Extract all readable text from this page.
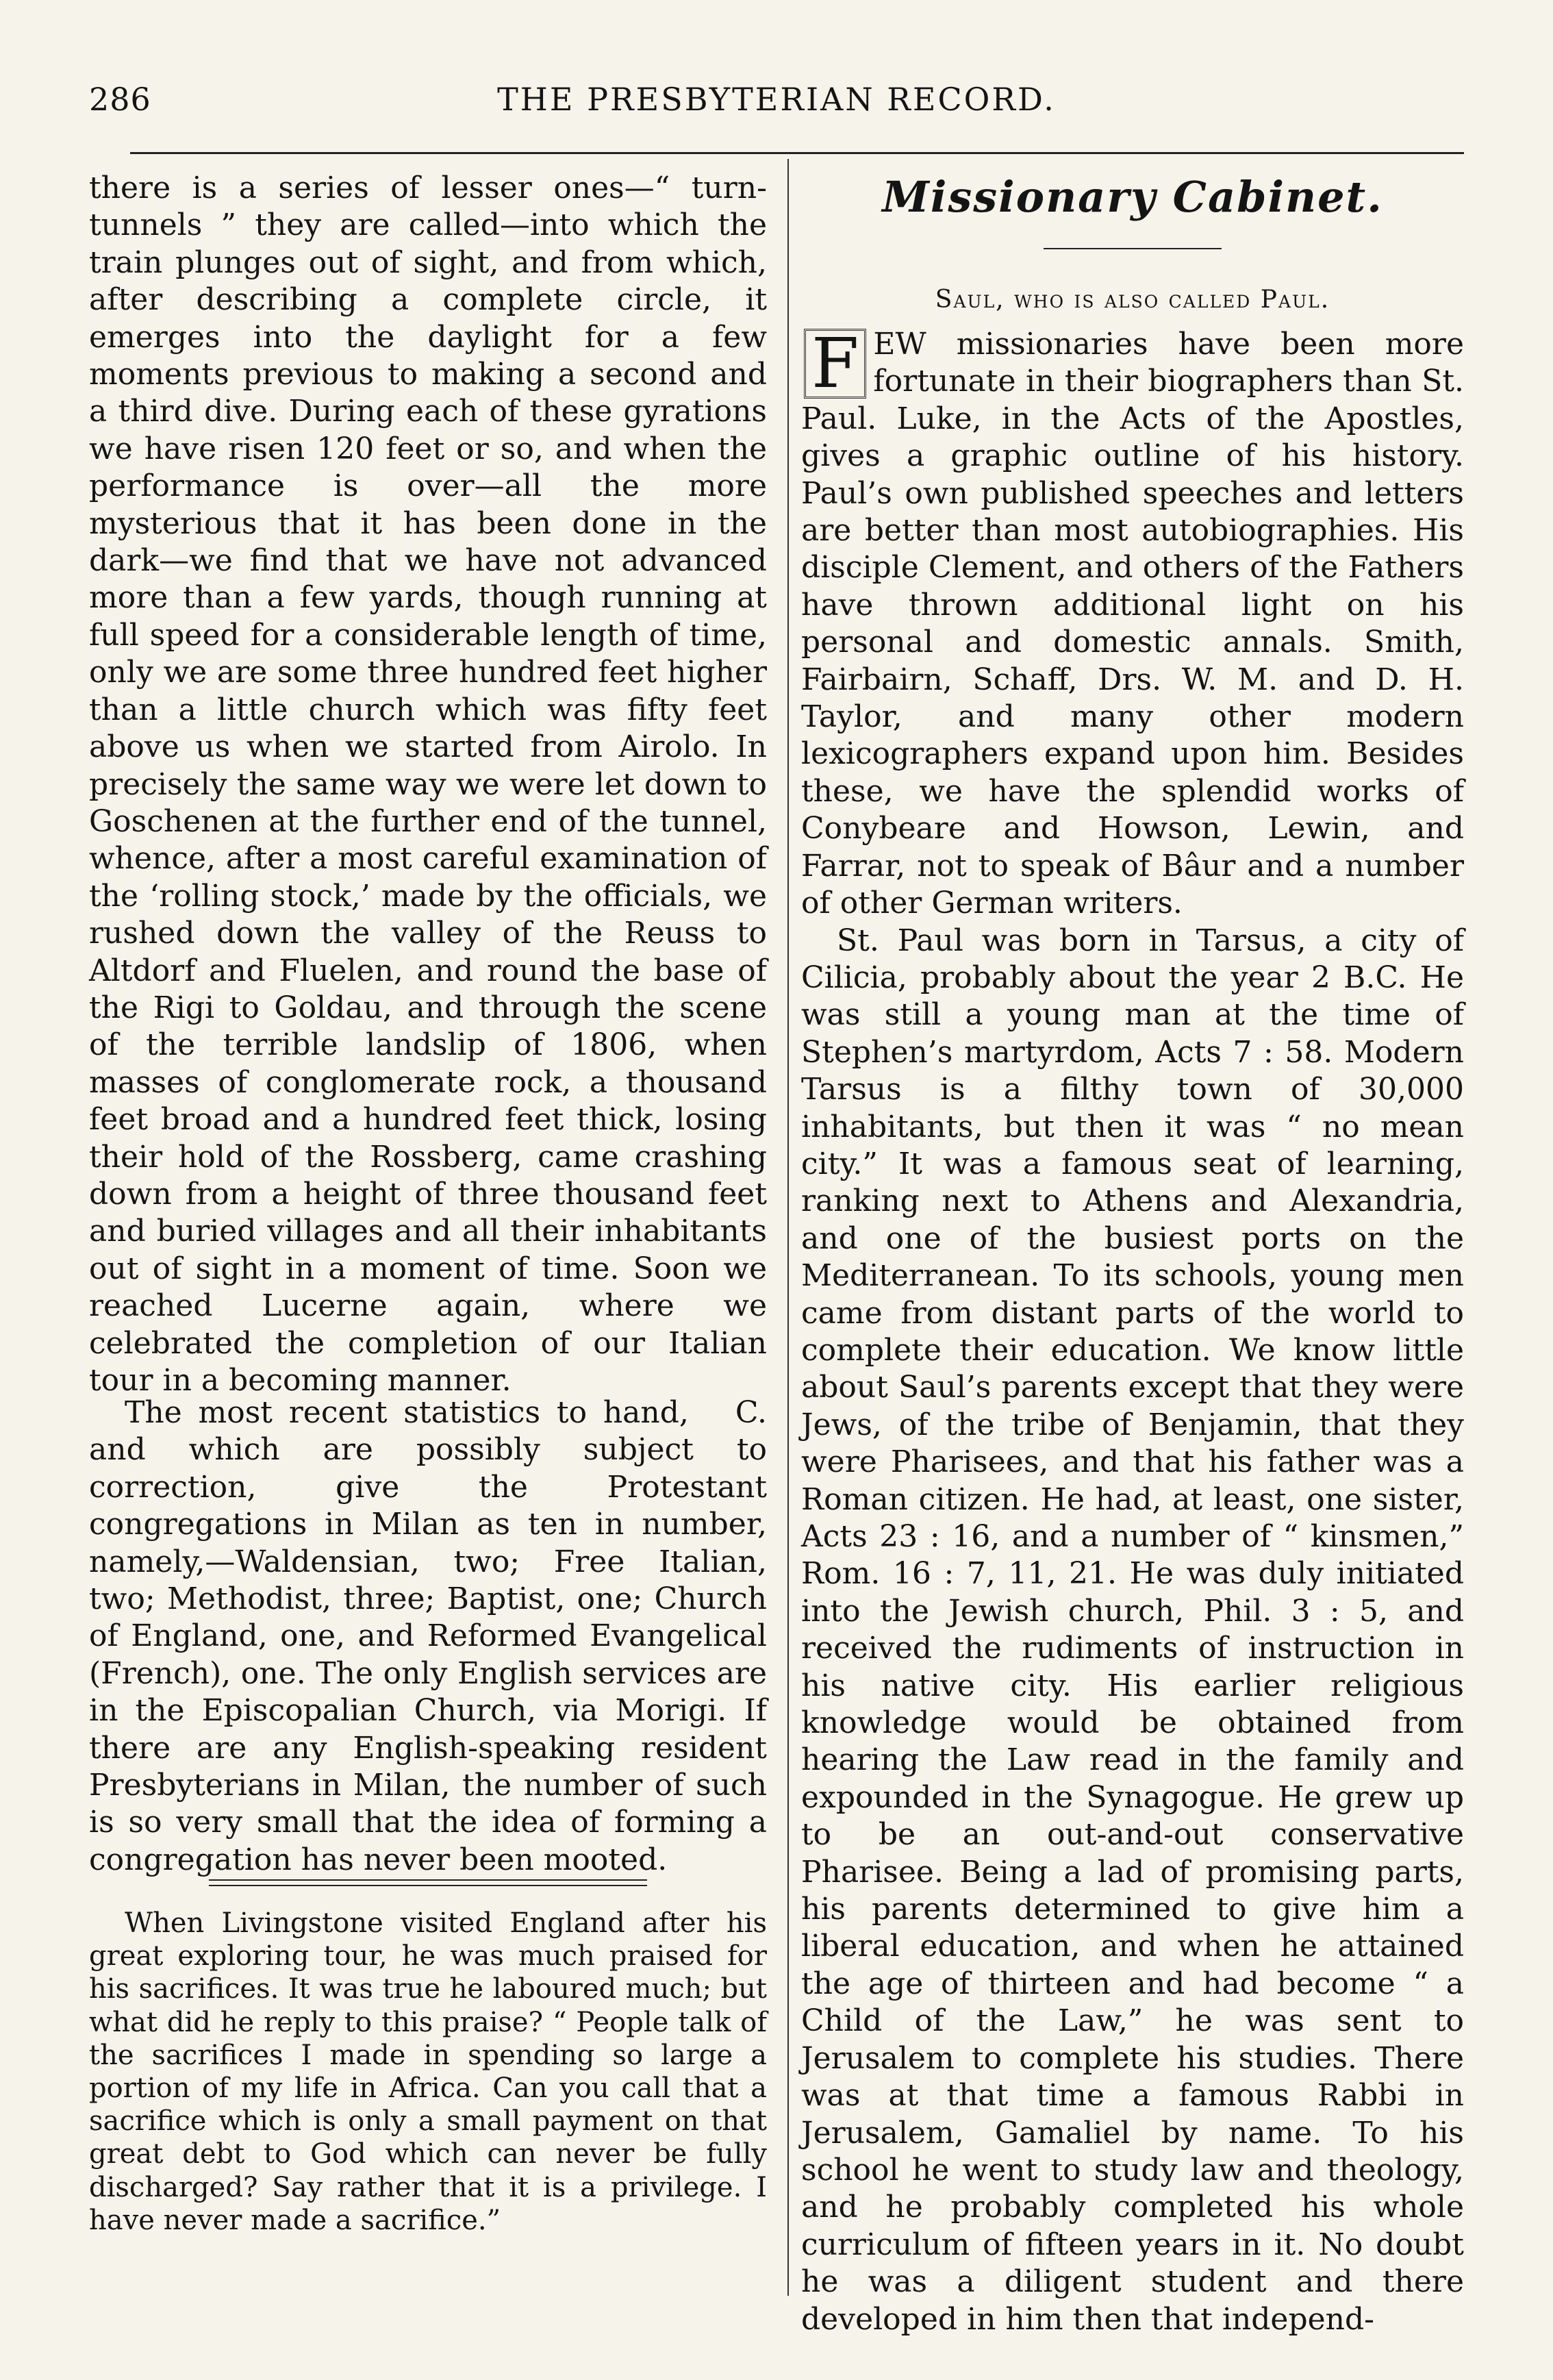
286	THE PRESBYTERIAN RECORD.

there is a series of lesser ones—“ turn-tunnels ” they are called—into which the train plunges out of sight, and from which, after describing a complete circle, it emerges into the daylight for a few moments previous to making a second and a third dive. During each of these gyrations we have risen 120 feet or so, and when the performance is over—all the more mysterious that it has been done in the dark—we find that we have not advanced more than a few yards, though running at full speed for a considerable length of time, only we are some three hundred feet higher than a little church which was fifty feet above us when we started from Airolo. In precisely the same way we were let down to Goschenen at the further end of the tunnel, whence, after a most careful examination of the ‘rolling stock,’ made by the officials, we rushed down the valley of the Reuss to Altdorf and Fluelen, and round the base of the Rigi to Goldau, and through the scene of the terrible landslip of 1806, when masses of conglomerate rock, a thousand feet broad and a hundred feet thick, losing their hold of the Rossberg, came crashing down from a height of three thousand feet and buried villages and all their inhabitants out of sight in a moment of time. Soon we reached Lucerne again, where we celebrated the completion of our Italian tour in a becoming manner.

C.
The most recent statistics to hand, and which are possibly subject to correction, give the Protestant congregations in Milan as ten in number, namely,—Waldensian, two; Free Italian, two; Methodist, three; Baptist, one; Church of England, one, and Reformed Evangelical (French), one. The only English services are in the Episcopalian Church, via Morigi. If there are any English-speaking resident Presbyterians in Milan, the number of such is so very small that the idea of forming a congregation has never been mooted.

When Livingstone visited England after his great exploring tour, he was much praised for his sacrifices. It was true he laboured much; but what did he reply to this praise? “ People talk of the sacrifices I made in spending so large a portion of my life in Africa. Can you call that a sacrifice which is only a small payment on that great debt to God which can never be fully discharged? Say rather that it is a privilege. I have never made a sacrifice.”

Missionary Cabinet.
Saul, who is also called Paul.

F EW missionaries have been more fortunate in their biographers than St. Paul. Luke, in the Acts of the Apostles, gives a graphic outline of his history. Paul’s own published speeches and letters are better than most autobiographies. His disciple Clement, and others of the Fathers have thrown additional light on his personal and domestic annals. Smith, Fairbairn, Schaff, Drs. W. M. and D. H. Taylor, and many other modern lexicographers expand upon him. Besides these, we have the splendid works of Conybeare and Howson, Lewin, and Farrar, not to speak of Bâur and a number of other German writers.

St. Paul was born in Tarsus, a city of Cilicia, probably about the year 2 B.C. He was still a young man at the time of Stephen’s martyrdom, Acts 7 : 58. Modern Tarsus is a filthy town of 30,000 inhabitants, but then it was “ no mean city.” It was a famous seat of learning, ranking next to Athens and Alexandria, and one of the busiest ports on the Mediterranean. To its schools, young men came from distant parts of the world to complete their education. We know little about Saul’s parents except that they were Jews, of the tribe of Benjamin, that they were Pharisees, and that his father was a Roman citizen. He had, at least, one sister, Acts 23 : 16, and a number of “ kinsmen,” Rom. 16 : 7, 11, 21. He was duly initiated into the Jewish church, Phil. 3 : 5, and received the rudiments of instruction in his native city. His earlier religious knowledge would be obtained from hearing the Law read in the family and expounded in the Synagogue. He grew up to be an out-and-out conservative Pharisee. Being a lad of promising parts, his parents determined to give him a liberal education, and when he attained the age of thirteen and had become “ a Child of the Law,” he was sent to Jerusalem to complete his studies. There was at that time a famous Rabbi in Jerusalem, Gamaliel by name. To his school he went to study law and theology, and he probably completed his whole curriculum of fifteen years in it. No doubt he was a diligent student and there developed in him then that independ-
